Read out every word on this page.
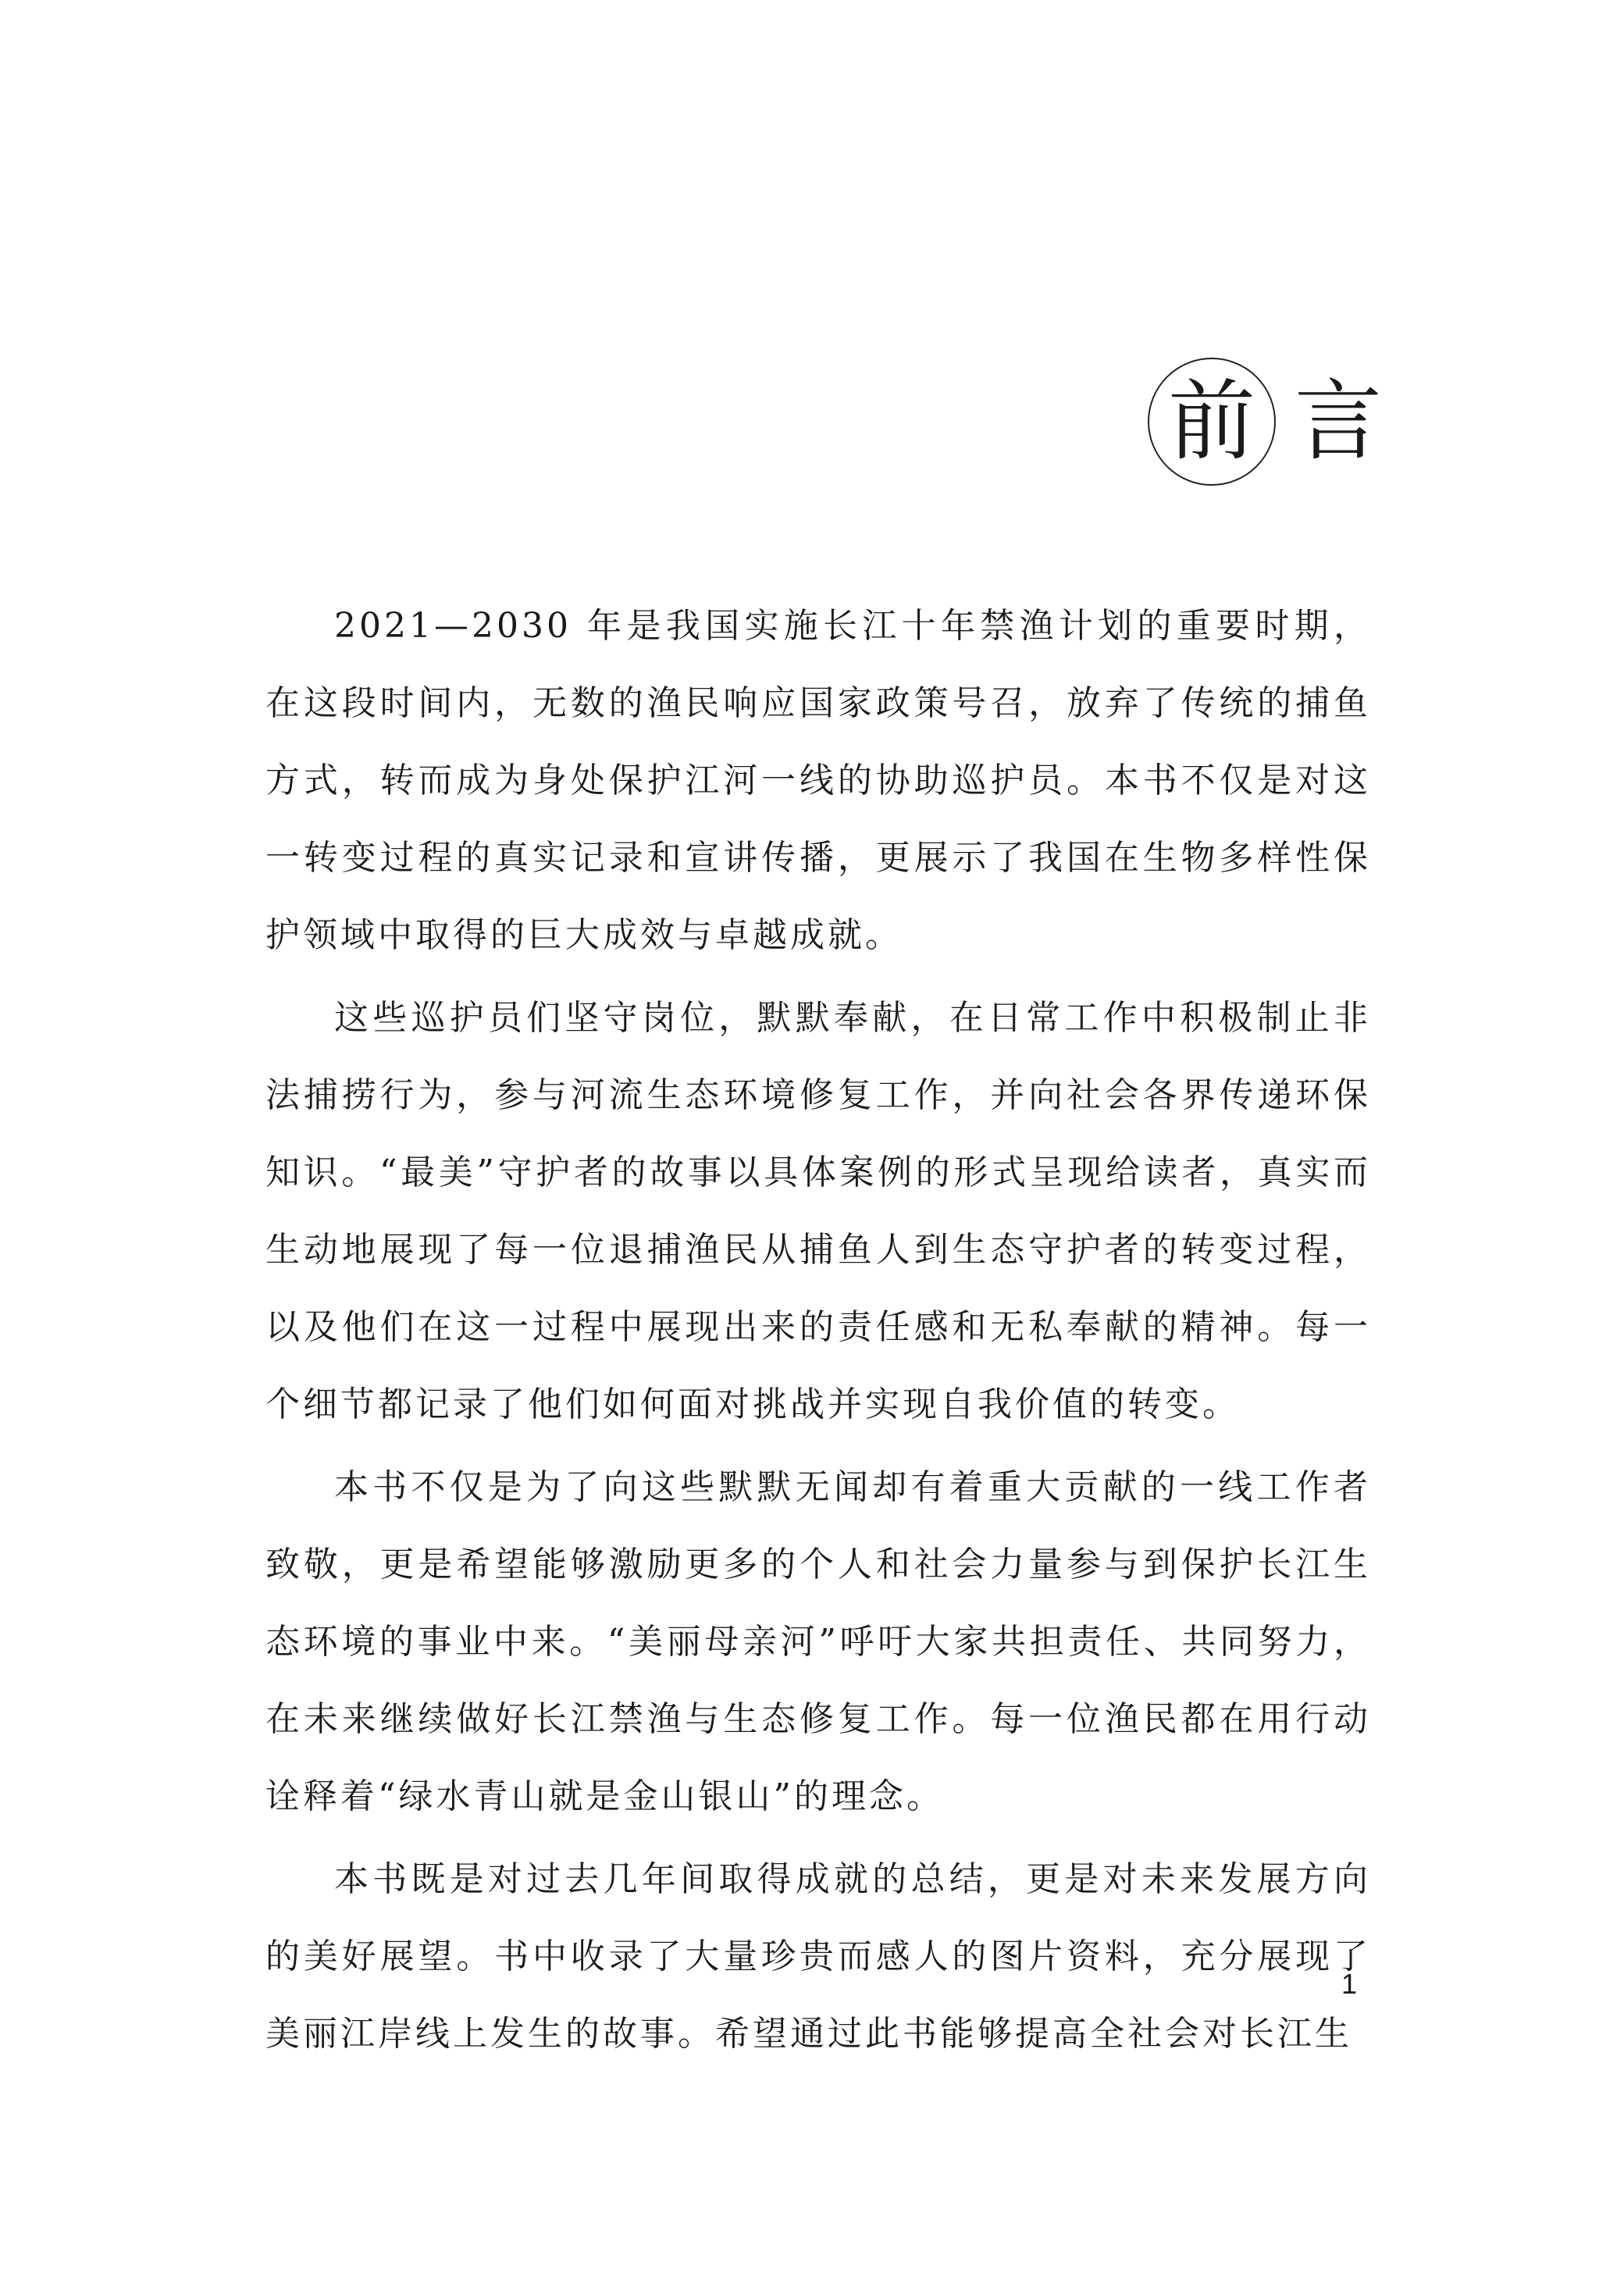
前 言

2021—2030 年是我国实施长江十年禁渔计划的重要时期，在这段时间内，无数的渔民响应国家政策号召，放弃了传统的捕鱼方式，转而成为身处保护江河一线的协助巡护员。本书不仅是对这一转变过程的真实记录和宣讲传播，更展示了我国在生物多样性保护领域中取得的巨大成效与卓越成就。

这些巡护员们坚守岗位，默默奉献，在日常工作中积极制止非法捕捞行为，参与河流生态环境修复工作，并向社会各界传递环保知识。“最美”守护者的故事以具体案例的形式呈现给读者，真实而生动地展现了每一位退捕渔民从捕鱼人到生态守护者的转变过程，以及他们在这一过程中展现出来的责任感和无私奉献的精神。每一个细节都记录了他们如何面对挑战并实现自我价值的转变。

本书不仅是为了向这些默默无闻却有着重大贡献的一线工作者致敬，更是希望能够激励更多的个人和社会力量参与到保护长江生态环境的事业中来。“美丽母亲河”呼吁大家共担责任、共同努力，在未来继续做好长江禁渔与生态修复工作。每一位渔民都在用行动诠释着“绿水青山就是金山银山”的理念。

本书既是对过去几年间取得成就的总结，更是对未来发展方向的美好展望。书中收录了大量珍贵而感人的图片资料，充分展现了美丽江岸线上发生的故事。希望通过此书能够提高全社会对长江生

1
